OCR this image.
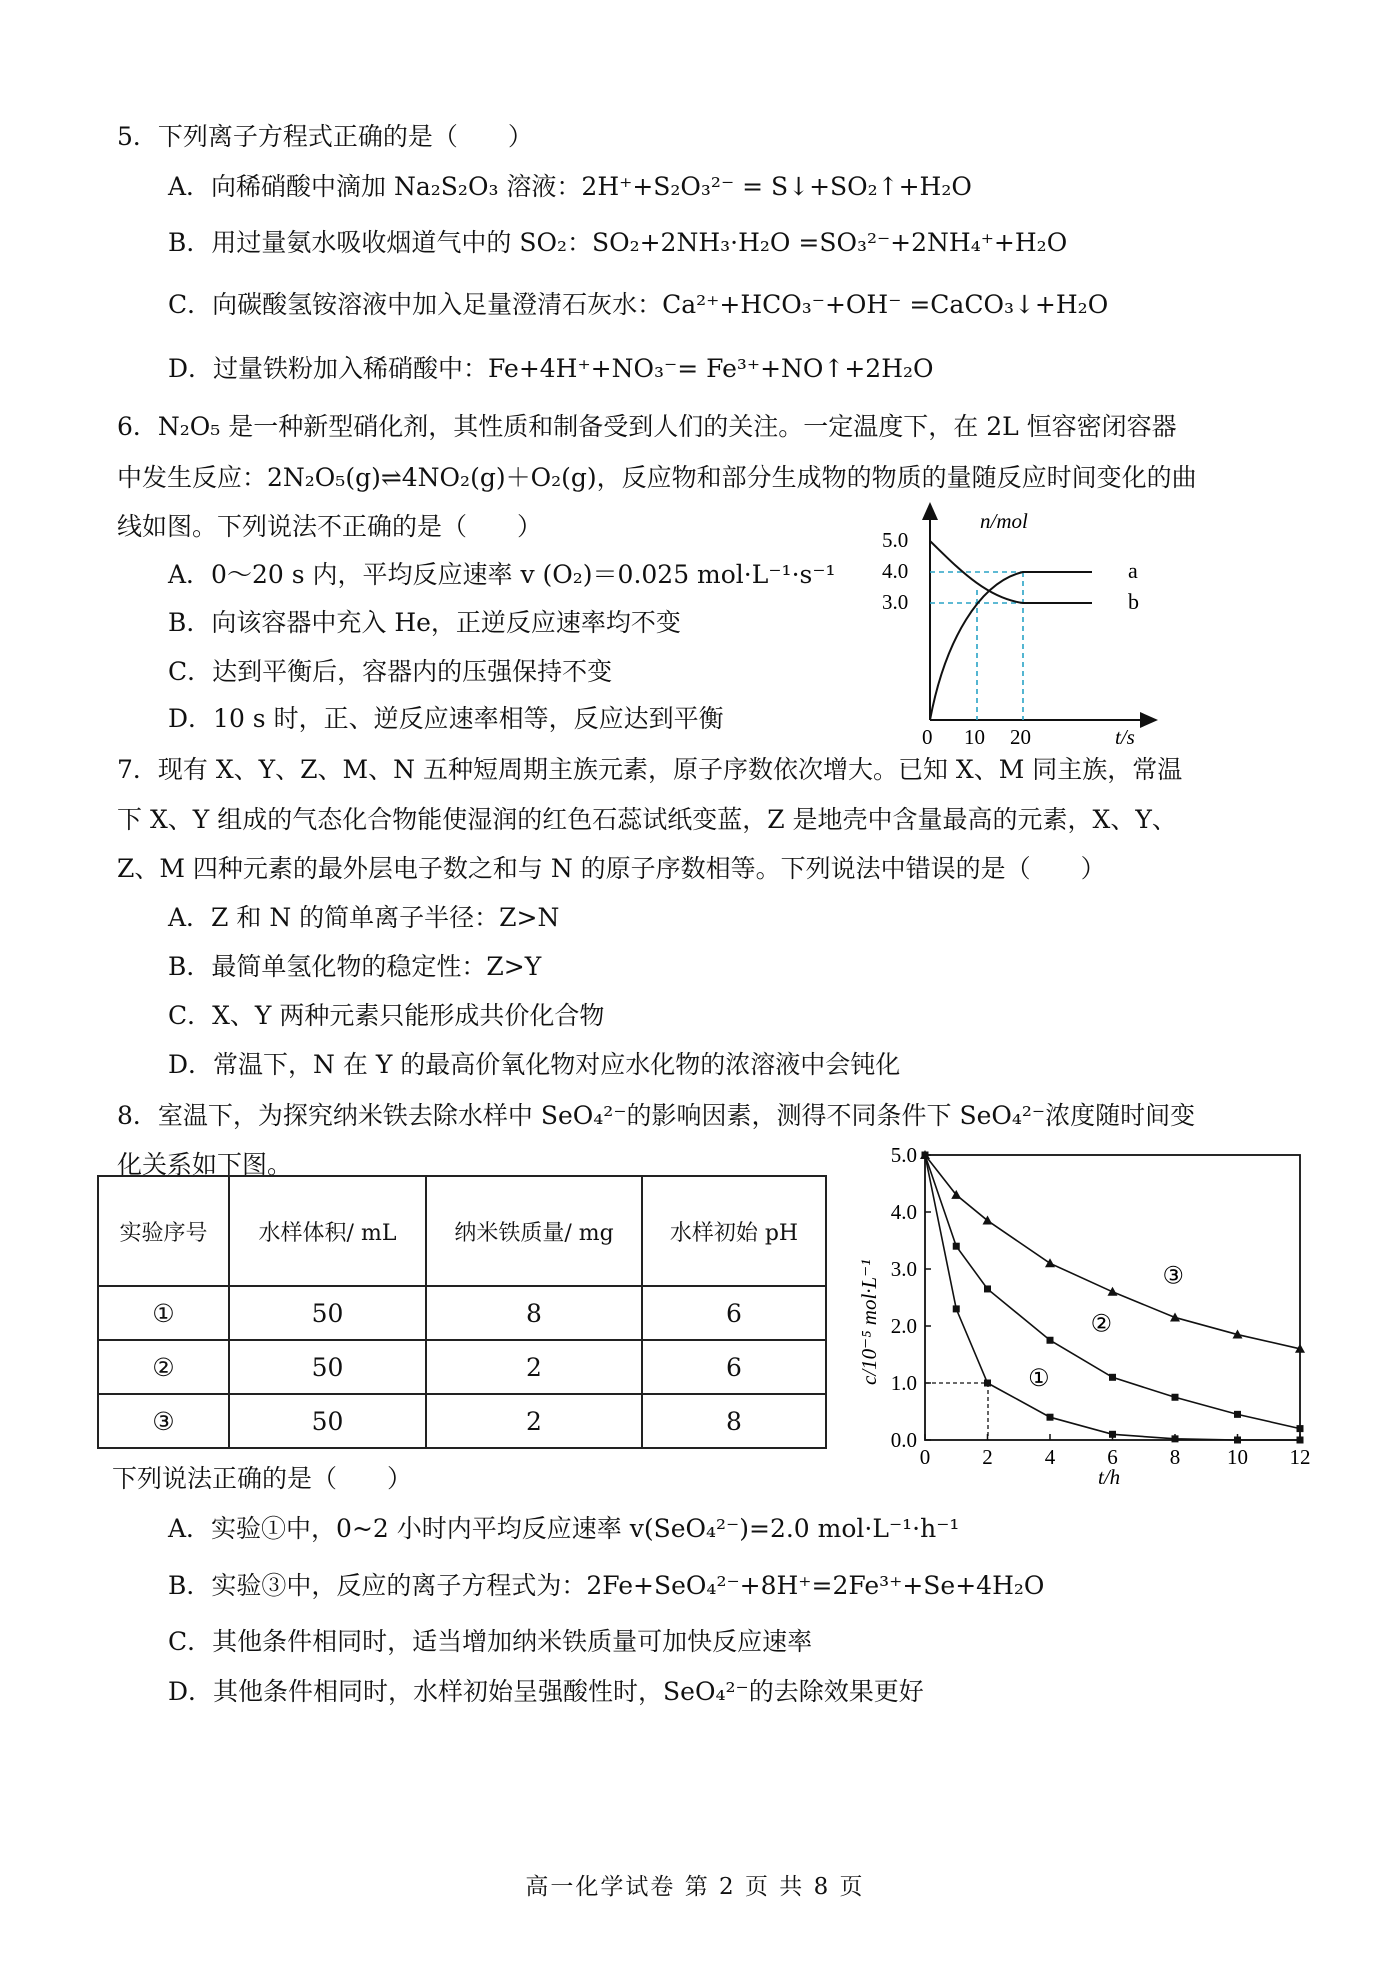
5．下列离子方程式正确的是（　　）
A．向稀硝酸中滴加 Na₂S₂O₃ 溶液：2H⁺+S₂O₃²⁻ = S↓+SO₂↑+H₂O
B．用过量氨水吸收烟道气中的 SO₂：SO₂+2NH₃·H₂O =SO₃²⁻+2NH₄⁺+H₂O
C．向碳酸氢铵溶液中加入足量澄清石灰水：Ca²⁺+HCO₃⁻+OH⁻ =CaCO₃↓+H₂O
D．过量铁粉加入稀硝酸中：Fe+4H⁺+NO₃⁻= Fe³⁺+NO↑+2H₂O
6．N₂O₅ 是一种新型硝化剂，其性质和制备受到人们的关注。一定温度下，在 2L 恒容密闭容器
中发生反应：2N₂O₅(g)⇌4NO₂(g)＋O₂(g)，反应物和部分生成物的物质的量随反应时间变化的曲
线如图。下列说法不正确的是（　　）
A．0～20 s 内，平均反应速率 v (O₂)＝0.025 mol·L⁻¹·s⁻¹
B．向该容器中充入 He，正逆反应速率均不变
C．达到平衡后，容器内的压强保持不变
D．10 s 时，正、逆反应速率相等，反应达到平衡
n/mol
t/s
5.0
4.0
3.0
0 10 20
a
b
7．现有 X、Y、Z、M、N 五种短周期主族元素，原子序数依次增大。已知 X、M 同主族，常温
下 X、Y 组成的气态化合物能使湿润的红色石蕊试纸变蓝，Z 是地壳中含量最高的元素，X、Y、
Z、M 四种元素的最外层电子数之和与 N 的原子序数相等。下列说法中错误的是（　　）
A．Z 和 N 的简单离子半径：Z>N
B．最简单氢化物的稳定性：Z>Y
C．X、Y 两种元素只能形成共价化合物
D．常温下，N 在 Y 的最高价氧化物对应水化物的浓溶液中会钝化
8．室温下，为探究纳米铁去除水样中 SeO₄²⁻的影响因素，测得不同条件下 SeO₄²⁻浓度随时间变
化关系如下图。
实验序号	水样体积/ mL	纳米铁质量/ mg	水样初始 pH
①	50	8	6
②	50	2	6
③	50	2	8
c/10⁻⁵ mol·L⁻¹
t/h
0.0
1.0
2.0
3.0
4.0
5.0
0 2 4 6 8 10 12
①
②
③
下列说法正确的是（　　）
A．实验①中，0~2 小时内平均反应速率 v(SeO₄²⁻)=2.0 mol·L⁻¹·h⁻¹
B．实验③中，反应的离子方程式为：2Fe+SeO₄²⁻+8H⁺=2Fe³⁺+Se+4H₂O
C．其他条件相同时，适当增加纳米铁质量可加快反应速率
D．其他条件相同时，水样初始呈强酸性时，SeO₄²⁻的去除效果更好
高一化学试卷 第 2 页 共 8 页
